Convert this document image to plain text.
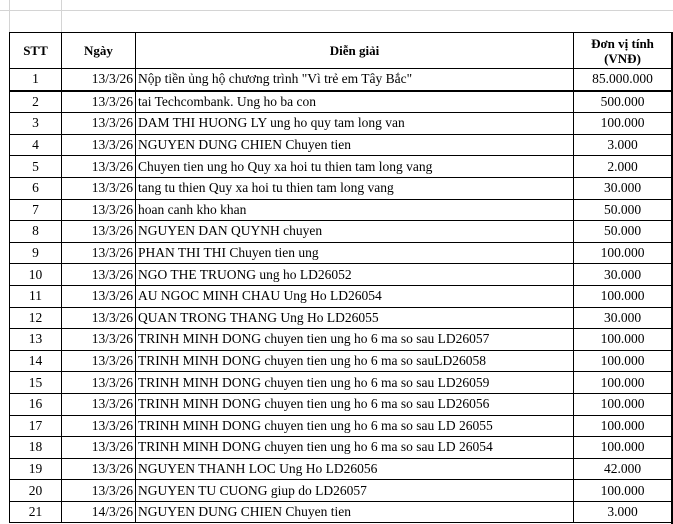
STT	Ngày	Diễn giải	Đơn vị tính
(VNĐ)

1	13/3/26	Nộp tiền ủng hộ chương trình "Vì trẻ em Tây Bắc"	85.000.000
2	13/3/26	tai Techcombank. Ung ho ba con	500.000
3	13/3/26	DAM THI HUONG LY ung ho quy tam long van	100.000
4	13/3/26	NGUYEN DUNG CHIEN Chuyen tien	3.000
5	13/3/26	Chuyen tien ung ho Quy xa hoi tu thien tam long vang	2.000
6	13/3/26	tang tu thien Quy xa hoi tu thien tam long vang	30.000
7	13/3/26	hoan canh kho khan	50.000
8	13/3/26	NGUYEN DAN QUYNH chuyen	50.000
9	13/3/26	PHAN THI THI Chuyen tien ung	100.000
10	13/3/26	NGO THE TRUONG ung ho LD26052	30.000
11	13/3/26	AU NGOC MINH CHAU Ung Ho LD26054	100.000
12	13/3/26	QUAN TRONG THANG Ung Ho LD26055	30.000
13	13/3/26	TRINH MINH DONG chuyen tien ung ho 6 ma so sau LD26057	100.000
14	13/3/26	TRINH MINH DONG chuyen tien ung ho 6 ma so sauLD26058	100.000
15	13/3/26	TRINH MINH DONG chuyen tien ung ho 6 ma so sau LD26059	100.000
16	13/3/26	TRINH MINH DONG chuyen tien ung ho 6 ma so sau LD26056	100.000
17	13/3/26	TRINH MINH DONG chuyen tien ung ho 6 ma so sau LD 26055	100.000
18	13/3/26	TRINH MINH DONG chuyen tien ung ho 6 ma so sau LD 26054	100.000
19	13/3/26	NGUYEN THANH LOC Ung Ho LD26056	42.000
20	13/3/26	NGUYEN TU CUONG giup do LD26057	100.000
21	14/3/26	NGUYEN DUNG CHIEN Chuyen tien	3.000
